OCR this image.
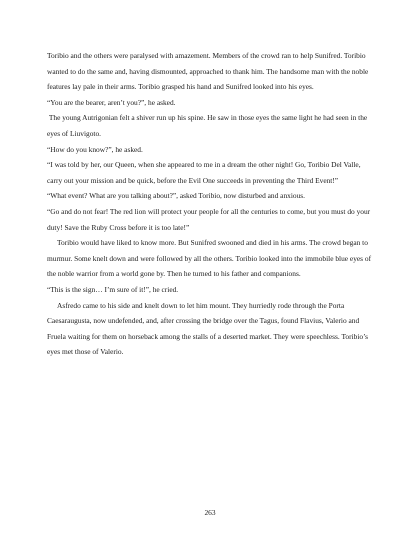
Toribio and the others were paralysed with amazement. Members of the crowd ran to help Sunifred. Toribio wanted to do the same and, having dismounted, approached to thank him. The handsome man with the noble features lay pale in their arms. Toribio grasped his hand and Sunifred looked into his eyes.

“You are the bearer, aren’t you?”, he asked.

The young Autrigonian felt a shiver run up his spine. He saw in those eyes the same light he had seen in the eyes of Liuvigoto.

“How do you know?”, he asked.

“I was told by her, our Queen, when she appeared to me in a dream the other night! Go, Toribio Del Valle, carry out your mission and be quick, before the Evil One succeeds in preventing the Third Event!”

“What event? What are you talking about?”, asked Toribio, now disturbed and anxious.

“Go and do not fear! The red lion will protect your people for all the centuries to come, but you must do your duty! Save the Ruby Cross before it is too late!”

Toribio would have liked to know more. But Sunifred swooned and died in his arms. The crowd began to murmur. Some knelt down and were followed by all the others. Toribio looked into the immobile blue eyes of the noble warrior from a world gone by. Then he turned to his father and companions.

“This is the sign… I’m sure of it!”, he cried.

Asfredo came to his side and knelt down to let him mount. They hurriedly rode through the Porta Caesaraugusta, now undefended, and, after crossing the bridge over the Tagus, found Flavius, Valerio and Fruela waiting for them on horseback among the stalls of a deserted market. They were speechless. Toribio’s eyes met those of Valerio.

263
